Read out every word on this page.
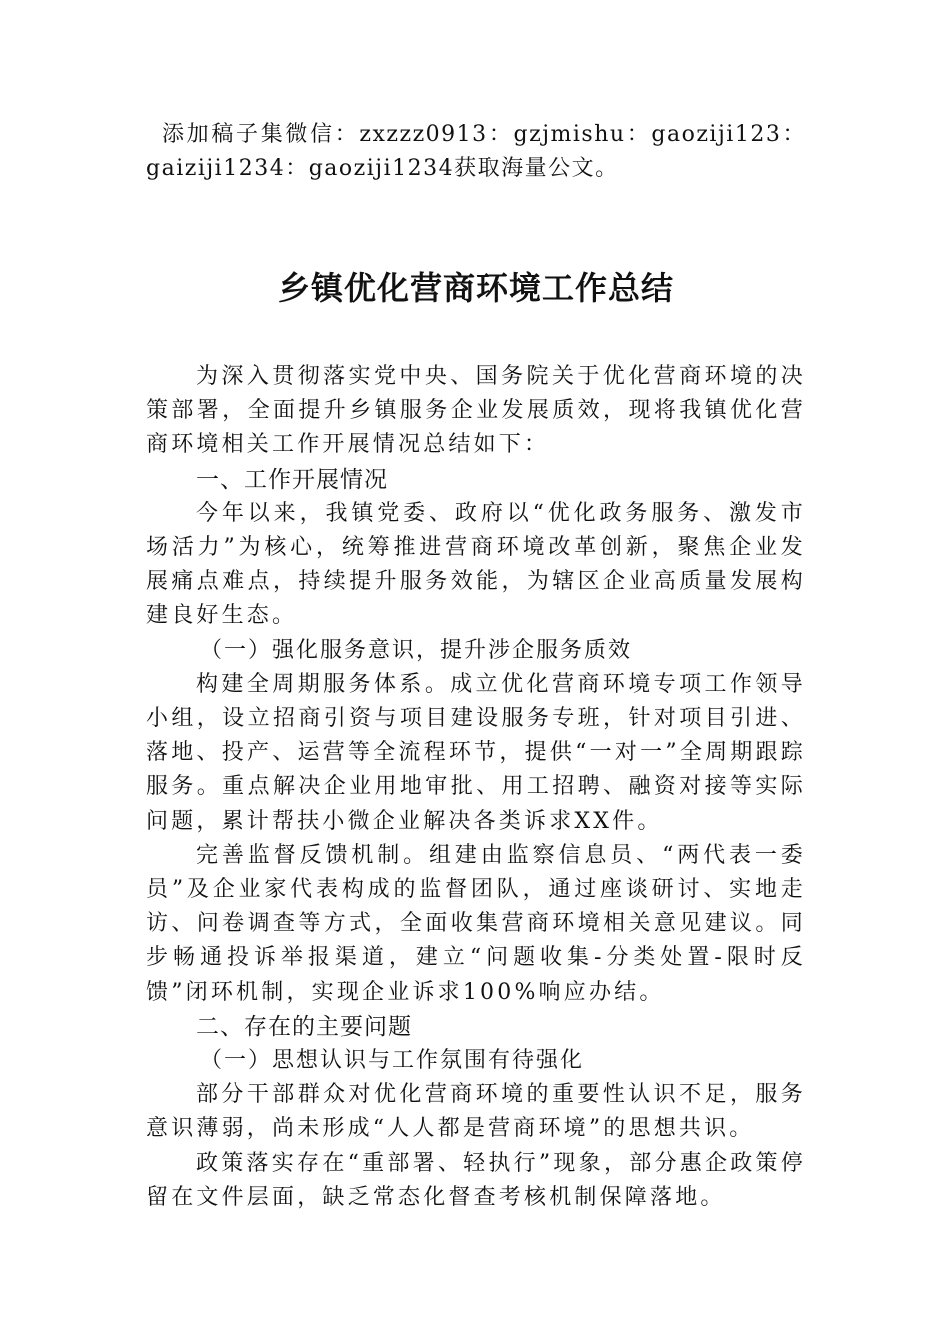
添加稿子集微信：zxzzz0913：gzjmishu：gaoziji123：gaiziji1234：gaoziji1234获取海量公文。

乡镇优化营商环境工作总结

为深入贯彻落实党中央、国务院关于优化营商环境的决策部署，全面提升乡镇服务企业发展质效，现将我镇优化营商环境相关工作开展情况总结如下：

一、工作开展情况

今年以来，我镇党委、政府以“优化政务服务、激发市场活力”为核心，统筹推进营商环境改革创新，聚焦企业发展痛点难点，持续提升服务效能，为辖区企业高质量发展构建良好生态。

（一）强化服务意识，提升涉企服务质效

构建全周期服务体系。成立优化营商环境专项工作领导小组，设立招商引资与项目建设服务专班，针对项目引进、落地、投产、运营等全流程环节，提供“一对一”全周期跟踪服务。重点解决企业用地审批、用工招聘、融资对接等实际问题，累计帮扶小微企业解决各类诉求XX件。

完善监督反馈机制。组建由监察信息员、“两代表一委员”及企业家代表构成的监督团队，通过座谈研讨、实地走访、问卷调查等方式，全面收集营商环境相关意见建议。同步畅通投诉举报渠道，建立“问题收集-分类处置-限时反馈”闭环机制，实现企业诉求100%响应办结。

二、存在的主要问题
（一）思想认识与工作氛围有待强化

部分干部群众对优化营商环境的重要性认识不足，服务意识薄弱，尚未形成“人人都是营商环境”的思想共识。

政策落实存在“重部署、轻执行”现象，部分惠企政策停留在文件层面，缺乏常态化督查考核机制保障落地。
